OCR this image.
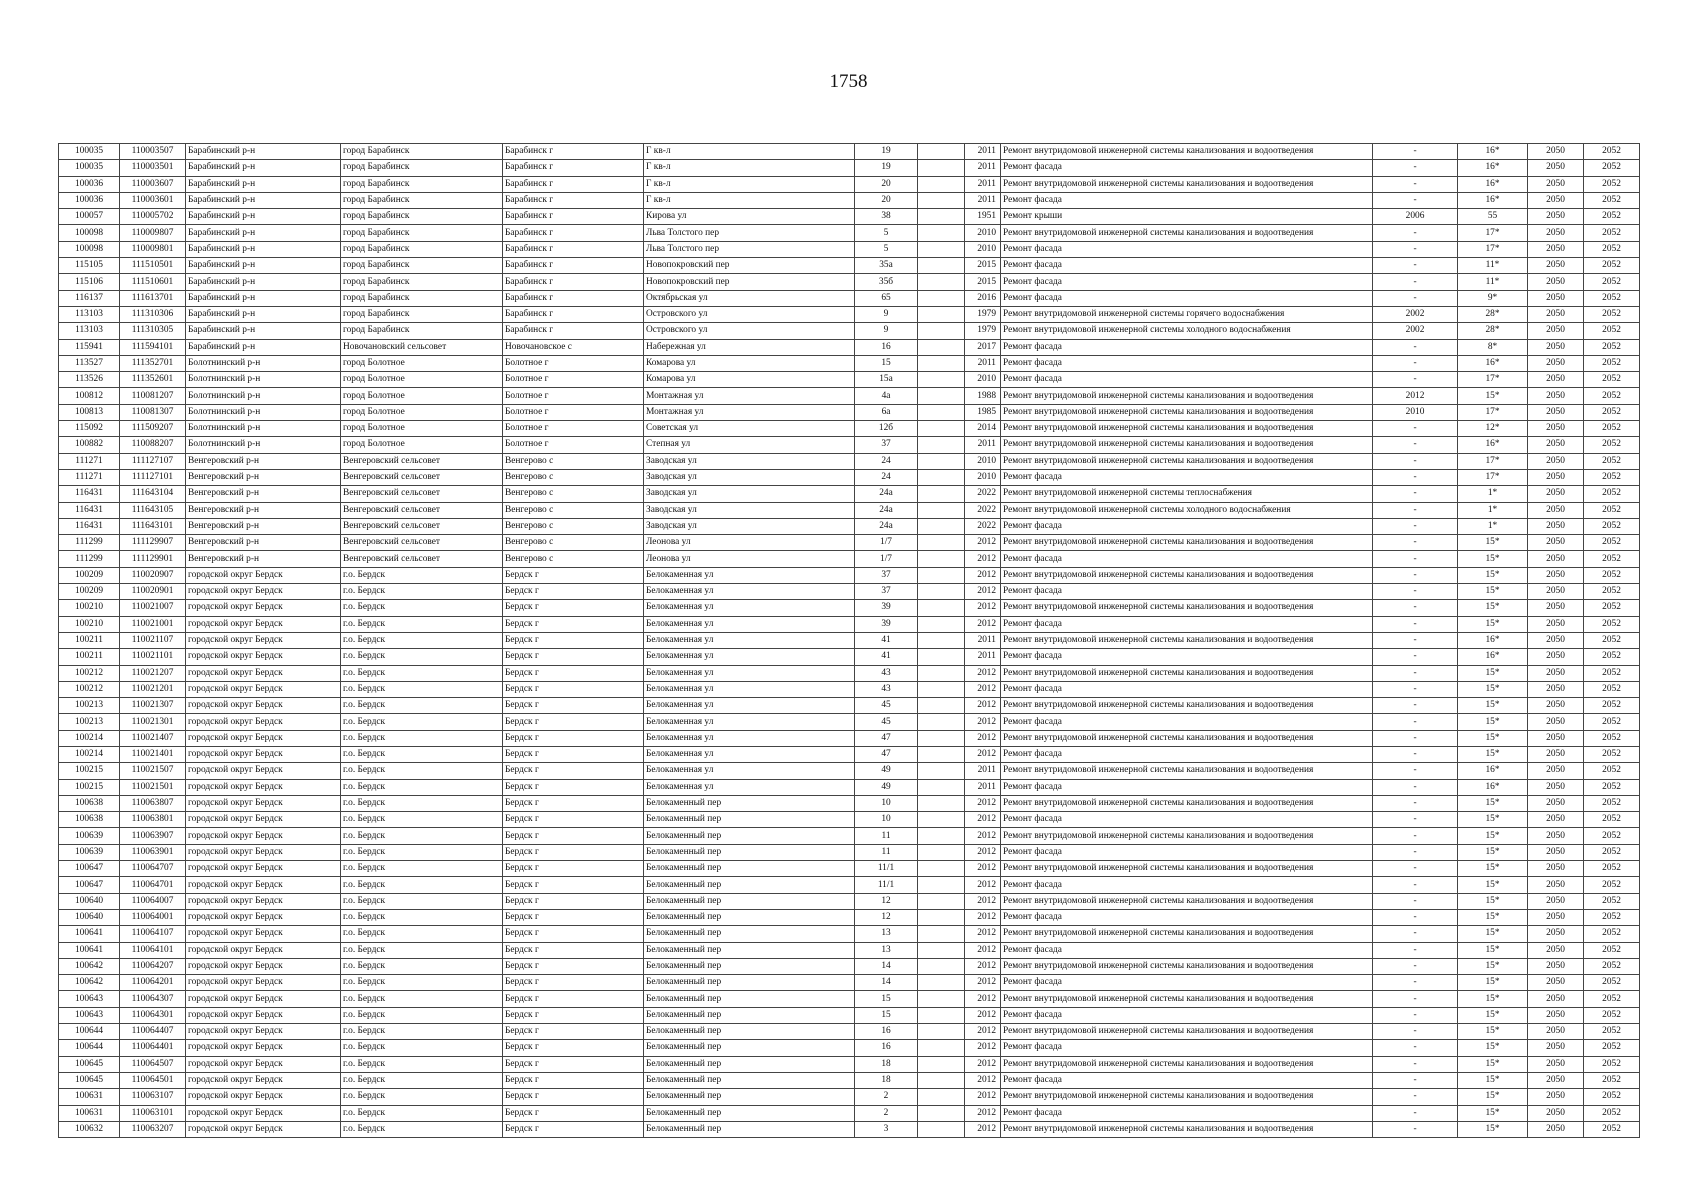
1758
100035	110003507	Барабинский р-н	город Барабинск	Барабинск г	Г кв-л	19		2011	Ремонт внутридомовой инженерной системы канализования и водоотведения	-	16*	2050	2052
100035	110003501	Барабинский р-н	город Барабинск	Барабинск г	Г кв-л	19		2011	Ремонт фасада	-	16*	2050	2052
100036	110003607	Барабинский р-н	город Барабинск	Барабинск г	Г кв-л	20		2011	Ремонт внутридомовой инженерной системы канализования и водоотведения	-	16*	2050	2052
100036	110003601	Барабинский р-н	город Барабинск	Барабинск г	Г кв-л	20		2011	Ремонт фасада	-	16*	2050	2052
100057	110005702	Барабинский р-н	город Барабинск	Барабинск г	Кирова ул	38		1951	Ремонт крыши	2006	55	2050	2052
100098	110009807	Барабинский р-н	город Барабинск	Барабинск г	Льва Толстого пер	5		2010	Ремонт внутридомовой инженерной системы канализования и водоотведения	-	17*	2050	2052
100098	110009801	Барабинский р-н	город Барабинск	Барабинск г	Льва Толстого пер	5		2010	Ремонт фасада	-	17*	2050	2052
115105	111510501	Барабинский р-н	город Барабинск	Барабинск г	Новопокровский пер	35а		2015	Ремонт фасада	-	11*	2050	2052
115106	111510601	Барабинский р-н	город Барабинск	Барабинск г	Новопокровский пер	35б		2015	Ремонт фасада	-	11*	2050	2052
116137	111613701	Барабинский р-н	город Барабинск	Барабинск г	Октябрьская ул	65		2016	Ремонт фасада	-	9*	2050	2052
113103	111310306	Барабинский р-н	город Барабинск	Барабинск г	Островского ул	9		1979	Ремонт внутридомовой инженерной системы горячего водоснабжения	2002	28*	2050	2052
113103	111310305	Барабинский р-н	город Барабинск	Барабинск г	Островского ул	9		1979	Ремонт внутридомовой инженерной системы холодного водоснабжения	2002	28*	2050	2052
115941	111594101	Барабинский р-н	Новочановский сельсовет	Новочановское с	Набережная ул	16		2017	Ремонт фасада	-	8*	2050	2052
113527	111352701	Болотнинский р-н	город Болотное	Болотное г	Комарова ул	15		2011	Ремонт фасада	-	16*	2050	2052
113526	111352601	Болотнинский р-н	город Болотное	Болотное г	Комарова ул	15а		2010	Ремонт фасада	-	17*	2050	2052
100812	110081207	Болотнинский р-н	город Болотное	Болотное г	Монтажная ул	4а		1988	Ремонт внутридомовой инженерной системы канализования и водоотведения	2012	15*	2050	2052
100813	110081307	Болотнинский р-н	город Болотное	Болотное г	Монтажная ул	6а		1985	Ремонт внутридомовой инженерной системы канализования и водоотведения	2010	17*	2050	2052
115092	111509207	Болотнинский р-н	город Болотное	Болотное г	Советская ул	12б		2014	Ремонт внутридомовой инженерной системы канализования и водоотведения	-	12*	2050	2052
100882	110088207	Болотнинский р-н	город Болотное	Болотное г	Степная ул	37		2011	Ремонт внутридомовой инженерной системы канализования и водоотведения	-	16*	2050	2052
111271	111127107	Венгеровский р-н	Венгеровский сельсовет	Венгерово с	Заводская ул	24		2010	Ремонт внутридомовой инженерной системы канализования и водоотведения	-	17*	2050	2052
111271	111127101	Венгеровский р-н	Венгеровский сельсовет	Венгерово с	Заводская ул	24		2010	Ремонт фасада	-	17*	2050	2052
116431	111643104	Венгеровский р-н	Венгеровский сельсовет	Венгерово с	Заводская ул	24а		2022	Ремонт внутридомовой инженерной системы теплоснабжения	-	1*	2050	2052
116431	111643105	Венгеровский р-н	Венгеровский сельсовет	Венгерово с	Заводская ул	24а		2022	Ремонт внутридомовой инженерной системы холодного водоснабжения	-	1*	2050	2052
116431	111643101	Венгеровский р-н	Венгеровский сельсовет	Венгерово с	Заводская ул	24а		2022	Ремонт фасада	-	1*	2050	2052
111299	111129907	Венгеровский р-н	Венгеровский сельсовет	Венгерово с	Леонова ул	1/7		2012	Ремонт внутридомовой инженерной системы канализования и водоотведения	-	15*	2050	2052
111299	111129901	Венгеровский р-н	Венгеровский сельсовет	Венгерово с	Леонова ул	1/7		2012	Ремонт фасада	-	15*	2050	2052
100209	110020907	городской округ Бердск	г.о. Бердск	Бердск г	Белокаменная ул	37		2012	Ремонт внутридомовой инженерной системы канализования и водоотведения	-	15*	2050	2052
100209	110020901	городской округ Бердск	г.о. Бердск	Бердск г	Белокаменная ул	37		2012	Ремонт фасада	-	15*	2050	2052
100210	110021007	городской округ Бердск	г.о. Бердск	Бердск г	Белокаменная ул	39		2012	Ремонт внутридомовой инженерной системы канализования и водоотведения	-	15*	2050	2052
100210	110021001	городской округ Бердск	г.о. Бердск	Бердск г	Белокаменная ул	39		2012	Ремонт фасада	-	15*	2050	2052
100211	110021107	городской округ Бердск	г.о. Бердск	Бердск г	Белокаменная ул	41		2011	Ремонт внутридомовой инженерной системы канализования и водоотведения	-	16*	2050	2052
100211	110021101	городской округ Бердск	г.о. Бердск	Бердск г	Белокаменная ул	41		2011	Ремонт фасада	-	16*	2050	2052
100212	110021207	городской округ Бердск	г.о. Бердск	Бердск г	Белокаменная ул	43		2012	Ремонт внутридомовой инженерной системы канализования и водоотведения	-	15*	2050	2052
100212	110021201	городской округ Бердск	г.о. Бердск	Бердск г	Белокаменная ул	43		2012	Ремонт фасада	-	15*	2050	2052
100213	110021307	городской округ Бердск	г.о. Бердск	Бердск г	Белокаменная ул	45		2012	Ремонт внутридомовой инженерной системы канализования и водоотведения	-	15*	2050	2052
100213	110021301	городской округ Бердск	г.о. Бердск	Бердск г	Белокаменная ул	45		2012	Ремонт фасада	-	15*	2050	2052
100214	110021407	городской округ Бердск	г.о. Бердск	Бердск г	Белокаменная ул	47		2012	Ремонт внутридомовой инженерной системы канализования и водоотведения	-	15*	2050	2052
100214	110021401	городской округ Бердск	г.о. Бердск	Бердск г	Белокаменная ул	47		2012	Ремонт фасада	-	15*	2050	2052
100215	110021507	городской округ Бердск	г.о. Бердск	Бердск г	Белокаменная ул	49		2011	Ремонт внутридомовой инженерной системы канализования и водоотведения	-	16*	2050	2052
100215	110021501	городской округ Бердск	г.о. Бердск	Бердск г	Белокаменная ул	49		2011	Ремонт фасада	-	16*	2050	2052
100638	110063807	городской округ Бердск	г.о. Бердск	Бердск г	Белокаменный пер	10		2012	Ремонт внутридомовой инженерной системы канализования и водоотведения	-	15*	2050	2052
100638	110063801	городской округ Бердск	г.о. Бердск	Бердск г	Белокаменный пер	10		2012	Ремонт фасада	-	15*	2050	2052
100639	110063907	городской округ Бердск	г.о. Бердск	Бердск г	Белокаменный пер	11		2012	Ремонт внутридомовой инженерной системы канализования и водоотведения	-	15*	2050	2052
100639	110063901	городской округ Бердск	г.о. Бердск	Бердск г	Белокаменный пер	11		2012	Ремонт фасада	-	15*	2050	2052
100647	110064707	городской округ Бердск	г.о. Бердск	Бердск г	Белокаменный пер	11/1		2012	Ремонт внутридомовой инженерной системы канализования и водоотведения	-	15*	2050	2052
100647	110064701	городской округ Бердск	г.о. Бердск	Бердск г	Белокаменный пер	11/1		2012	Ремонт фасада	-	15*	2050	2052
100640	110064007	городской округ Бердск	г.о. Бердск	Бердск г	Белокаменный пер	12		2012	Ремонт внутридомовой инженерной системы канализования и водоотведения	-	15*	2050	2052
100640	110064001	городской округ Бердск	г.о. Бердск	Бердск г	Белокаменный пер	12		2012	Ремонт фасада	-	15*	2050	2052
100641	110064107	городской округ Бердск	г.о. Бердск	Бердск г	Белокаменный пер	13		2012	Ремонт внутридомовой инженерной системы канализования и водоотведения	-	15*	2050	2052
100641	110064101	городской округ Бердск	г.о. Бердск	Бердск г	Белокаменный пер	13		2012	Ремонт фасада	-	15*	2050	2052
100642	110064207	городской округ Бердск	г.о. Бердск	Бердск г	Белокаменный пер	14		2012	Ремонт внутридомовой инженерной системы канализования и водоотведения	-	15*	2050	2052
100642	110064201	городской округ Бердск	г.о. Бердск	Бердск г	Белокаменный пер	14		2012	Ремонт фасада	-	15*	2050	2052
100643	110064307	городской округ Бердск	г.о. Бердск	Бердск г	Белокаменный пер	15		2012	Ремонт внутридомовой инженерной системы канализования и водоотведения	-	15*	2050	2052
100643	110064301	городской округ Бердск	г.о. Бердск	Бердск г	Белокаменный пер	15		2012	Ремонт фасада	-	15*	2050	2052
100644	110064407	городской округ Бердск	г.о. Бердск	Бердск г	Белокаменный пер	16		2012	Ремонт внутридомовой инженерной системы канализования и водоотведения	-	15*	2050	2052
100644	110064401	городской округ Бердск	г.о. Бердск	Бердск г	Белокаменный пер	16		2012	Ремонт фасада	-	15*	2050	2052
100645	110064507	городской округ Бердск	г.о. Бердск	Бердск г	Белокаменный пер	18		2012	Ремонт внутридомовой инженерной системы канализования и водоотведения	-	15*	2050	2052
100645	110064501	городской округ Бердск	г.о. Бердск	Бердск г	Белокаменный пер	18		2012	Ремонт фасада	-	15*	2050	2052
100631	110063107	городской округ Бердск	г.о. Бердск	Бердск г	Белокаменный пер	2		2012	Ремонт внутридомовой инженерной системы канализования и водоотведения	-	15*	2050	2052
100631	110063101	городской округ Бердск	г.о. Бердск	Бердск г	Белокаменный пер	2		2012	Ремонт фасада	-	15*	2050	2052
100632	110063207	городской округ Бердск	г.о. Бердск	Бердск г	Белокаменный пер	3		2012	Ремонт внутридомовой инженерной системы канализования и водоотведения	-	15*	2050	2052
